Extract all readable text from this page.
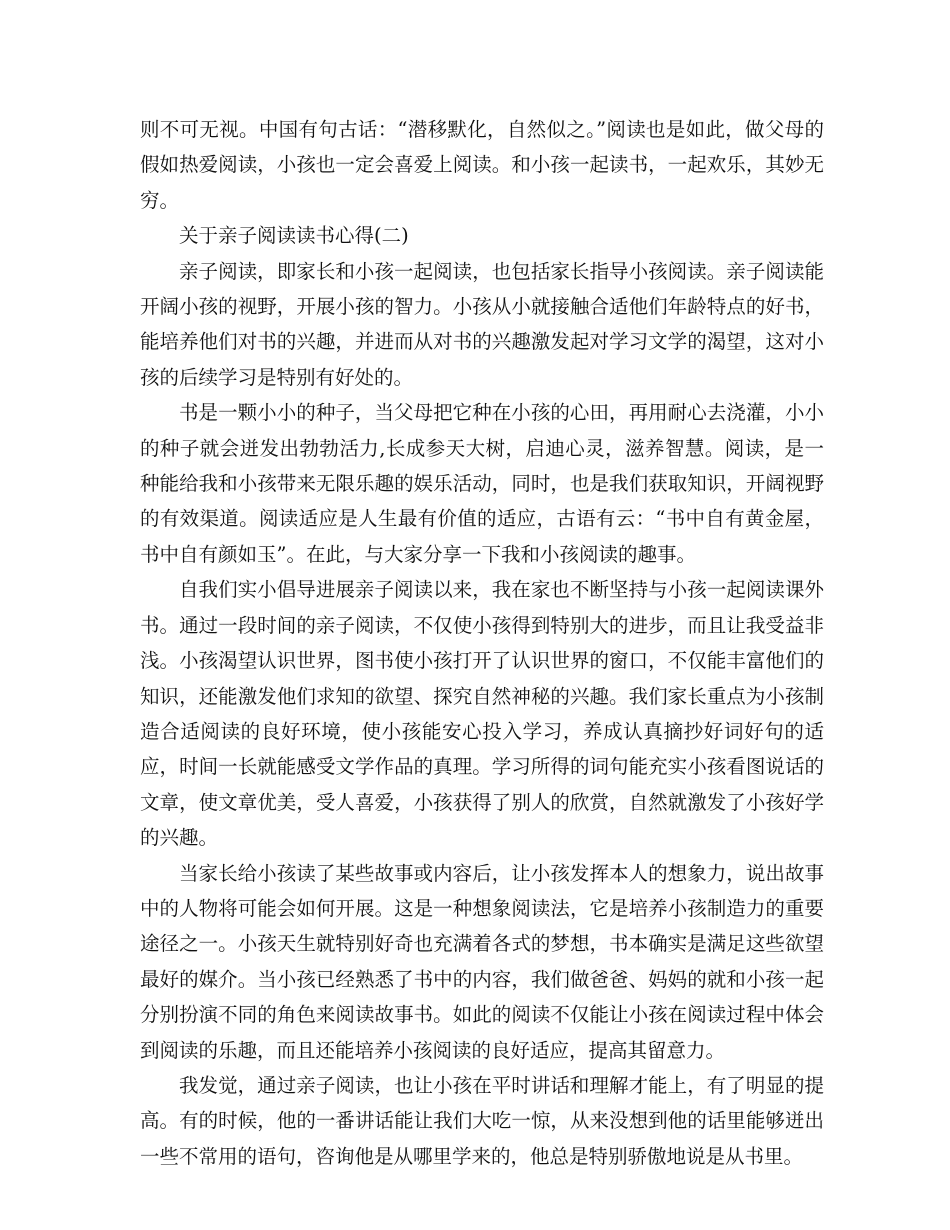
则不可无视。中国有句古话：“潜移默化，自然似之。”阅读也是如此，做父母的假如热爱阅读，小孩也一定会喜爱上阅读。和小孩一起读书，一起欢乐，其妙无穷。

关于亲子阅读读书心得(二)

亲子阅读，即家长和小孩一起阅读，也包括家长指导小孩阅读。亲子阅读能开阔小孩的视野，开展小孩的智力。小孩从小就接触合适他们年龄特点的好书，能培养他们对书的兴趣，并进而从对书的兴趣激发起对学习文学的渴望，这对小孩的后续学习是特别有好处的。

书是一颗小小的种子，当父母把它种在小孩的心田，再用耐心去浇灌，小小的种子就会迸发出勃勃活力,长成参天大树，启迪心灵，滋养智慧。阅读，是一种能给我和小孩带来无限乐趣的娱乐活动，同时，也是我们获取知识，开阔视野的有效渠道。阅读适应是人生最有价值的适应，古语有云：“书中自有黄金屋，书中自有颜如玉”。在此，与大家分享一下我和小孩阅读的趣事。

自我们实小倡导进展亲子阅读以来，我在家也不断坚持与小孩一起阅读课外书。通过一段时间的亲子阅读，不仅使小孩得到特别大的进步，而且让我受益非浅。小孩渴望认识世界，图书使小孩打开了认识世界的窗口，不仅能丰富他们的知识，还能激发他们求知的欲望、探究自然神秘的兴趣。我们家长重点为小孩制造合适阅读的良好环境，使小孩能安心投入学习，养成认真摘抄好词好句的适应，时间一长就能感受文学作品的真理。学习所得的词句能充实小孩看图说话的文章，使文章优美，受人喜爱，小孩获得了别人的欣赏，自然就激发了小孩好学的兴趣。

当家长给小孩读了某些故事或内容后，让小孩发挥本人的想象力，说出故事中的人物将可能会如何开展。这是一种想象阅读法，它是培养小孩制造力的重要途径之一。小孩天生就特别好奇也充满着各式的梦想，书本确实是满足这些欲望最好的媒介。当小孩已经熟悉了书中的内容，我们做爸爸、妈妈的就和小孩一起分别扮演不同的角色来阅读故事书。如此的阅读不仅能让小孩在阅读过程中体会到阅读的乐趣，而且还能培养小孩阅读的良好适应，提高其留意力。

我发觉，通过亲子阅读，也让小孩在平时讲话和理解才能上，有了明显的提高。有的时候，他的一番讲话能让我们大吃一惊，从来没想到他的话里能够迸出一些不常用的语句，咨询他是从哪里学来的，他总是特别骄傲地说是从书里。
